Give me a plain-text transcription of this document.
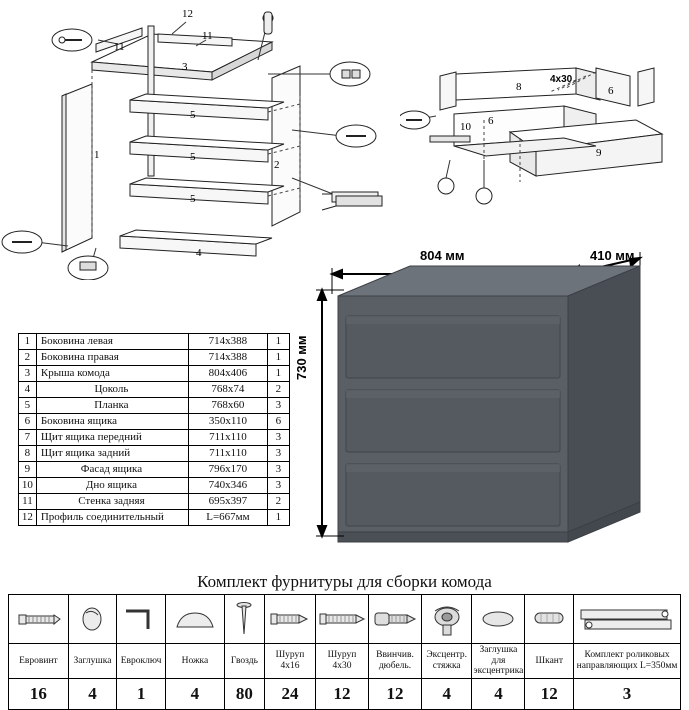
12
11
11
3
5
5
5
1
2
4
8
4х30
6
6
10
9
1	Боковина левая	714х388	1
2	Боковина правая	714х388	1
3	Крыша комода	804х406	1
4	Цоколь	768х74	2
5	Планка	768х60	3
6	Боковина ящика	350х110	6
7	Щит ящика передний	711х110	3
8	Щит ящика задний	711х110	3
9	Фасад ящика	796х170	3
10	Дно ящика	740х346	3
11	Стенка задняя	695х397	2
12	Профиль соединительный	L=667мм	1
804 мм	410 мм
730 мм
Комплект фурнитуры для сборки комода

Евровинт	Заглушка	Евроключ	Ножка	Гвоздь	Шуруп 4х16	Шуруп 4х30	Ввинчив. дюбель.	Эксцентр. стяжка	Заглушка для эксцентрика	Шкант	Комплект роликовых направляющих L=350мм
16	4	1	4	80	24	12	12	4	4	12	3
